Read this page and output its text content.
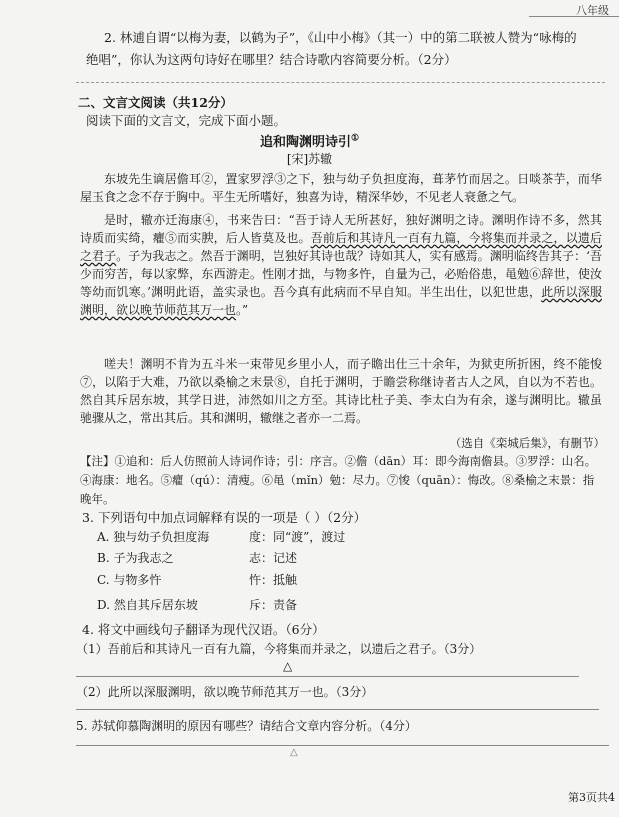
八年级
2. 林逋自谓“以梅为妻，以鹤为子”，《山中小梅》（其一）中的第二联被人赞为“咏梅的
绝唱”，你认为这两句诗好在哪里？结合诗歌内容简要分析。（2分）
二、文言文阅读（共12分）
阅读下面的文言文，完成下面小题。
追和陶渊明诗引①
[宋]苏辙
东坡先生谪居儋耳②，置家罗浮③之下，独与幼子负担度海，葺茅竹而居之。日啖茶芋，而华屋玉食之念不存于胸中。平生无所嗜好，独喜为诗，精深华妙，不见老人衰惫之气。
是时，辙亦迁海康④，书来告曰：“吾于诗人无所甚好，独好渊明之诗。渊明作诗不多，然其诗质而实绮，癯⑤而实腴，后人皆莫及也。吾前后和其诗凡一百有九篇，今将集而并录之，以遗后之君子。子为我志之。然吾于渊明，岂独好其诗也哉？诗如其人，实有感焉。渊明临终告其子：‘吾少而穷苦，每以家弊，东西游走。性刚才拙，与物多忤，自量为己，必贻俗患，黾勉⑥辞世，使汝等幼而饥寒。’渊明此语，盖实录也。吾今真有此病而不早自知。半生出仕，以犯世患，此所以深服渊明，欲以晚节师范其万一也。”
嗟夫！渊明不肯为五斗米一束带见乡里小人，而子瞻出仕三十余年，为狱吏所折困，终不能悛⑦，以陷于大难，乃欲以桑榆之末景⑧，自托于渊明，于瞻尝称继诗者古人之风，自以为不若也。然自其斥居东坡，其学日进，沛然如川之方至。其诗比杜子美、李太白为有余，遂与渊明比。辙虽驰骤从之，常出其后。其和渊明，辙继之者亦一二焉。
（选自《栾城后集》，有删节）
【注】①追和：后人仿照前人诗词作诗；引：序言。②儋（dān）耳：即今海南儋县。③罗浮：山名。④海康：地名。⑤癯（qú）：清瘦。⑥黾（mǐn）勉：尽力。⑦悛（quān）：悔改。⑧桑榆之末景：指晚年。
3. 下列语句中加点词解释有误的一项是（ ）（2分）
A. 独与幼子负担度海	度：同“渡”，渡过
B. 子为我志之	志：记述
C. 与物多忤	忤：抵触
D. 然自其斥居东坡	斥：责备
4. 将文中画线句子翻译为现代汉语。（6分）
（1）吾前后和其诗凡一百有九篇，今将集而并录之，以遗后之君子。（3分）
△
（2）此所以深服渊明，欲以晚节师范其万一也。（3分）
5. 苏轼仰慕陶渊明的原因有哪些？请结合文章内容分析。（4分）
△
第3页共4
